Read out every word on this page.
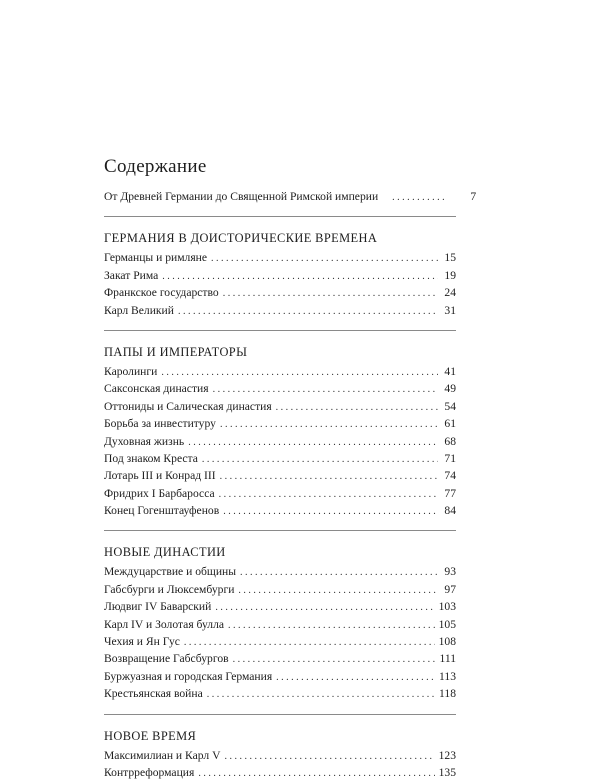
Содержание
От Древней Германии до Священной Римской империи . . .	7
ГЕРМАНИЯ В ДОИСТОРИЧЕСКИЕ ВРЕМЕНА
Германцы и римляне . . .	15
Закат Рима . . .	19
Франкское государство . . .	24
Карл Великий . . .	31
ПАПЫ И ИМПЕРАТОРЫ
Каролинги . . .	41
Саксонская династия . . .	49
Оттониды и Салическая династия . . .	54
Борьба за инвеституру . . .	61
Духовная жизнь . . .	68
Под знаком Креста . . .	71
Лотарь III и Конрад III . . .	74
Фридрих I Барбаросса . . .	77
Конец Гогенштауфенов . . .	84
НОВЫЕ ДИНАСТИИ
Междуцарствие и общины . . .	93
Габсбурги и Люксембурги . . .	97
Людвиг IV Баварский . . .	103
Карл IV и Золотая булла . . .	105
Чехия и Ян Гус . . .	108
Возвращение Габсбургов . . .	111
Буржуазная и городская Германия . . .	113
Крестьянская война . . .	118
НОВОЕ ВРЕМЯ
Максимилиан и Карл V . . .	123
Контрреформация . . .	135
